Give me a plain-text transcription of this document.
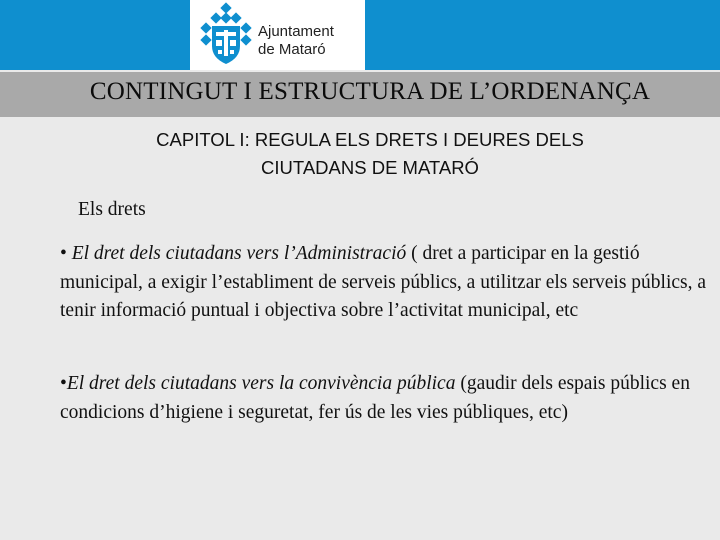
Ajuntament
de Mataró
CONTINGUT I ESTRUCTURA DE L’ORDENANÇA
CAPITOL I: REGULA ELS DRETS I DEURES DELS
CIUTADANS DE MATARÓ
Els drets
• El dret dels ciutadans vers l’Administració ( dret a participar en la gestió municipal, a exigir l’establiment de serveis públics, a utilitzar els serveis públics, a tenir informació puntual i objectiva sobre l’activitat municipal, etc
•El dret dels ciutadans vers la convivència pública (gaudir dels espais públics en condicions d’higiene i seguretat, fer ús de les vies públiques, etc)
